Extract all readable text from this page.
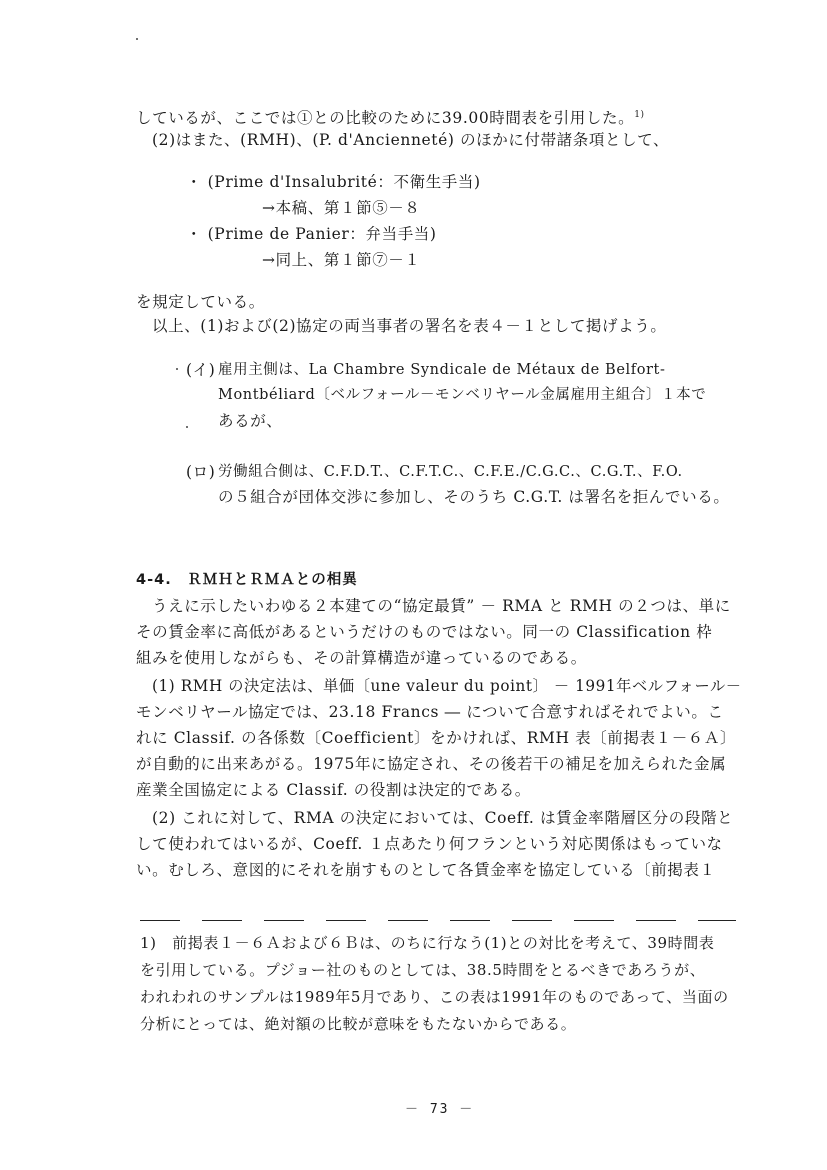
しているが、ここでは①との比較のために39.00時間表を引用した。$^{1)}$
(2)はまた、(RMH)、(P. d'Ancienneté) のほかに付帯諸条項として、
・ (Prime d'Insalubrité：不衛生手当)
→本稿、第１節⑤－８
・ (Prime de Panier：弁当手当)
→同上、第１節⑦－１
を規定している。
以上、(1)および(2)協定の両当事者の署名を表４－１として掲げよう。
(イ) 雇用主側は、La Chambre Syndicale de Métaux de Belfort-
Montbéliard〔ベルフォール－モンベリヤール金属雇用主組合〕１本で
あるが、
(ロ) 労働組合側は、C.F.D.T.、C.F.T.C.、C.F.E./C.G.C.、C.G.T.、F.O.
の５組合が団体交渉に参加し、そのうち C.G.T. は署名を拒んでいる。
4-4.　ＲＭＨとＲＭＡとの相異
うえに示したいわゆる２本建ての“協定最賃” － RMA と RMH の２つは、単に
その賃金率に高低があるというだけのものではない。同一の Classification 枠
組みを使用しながらも、その計算構造が違っているのである。
(1) RMH の決定法は、単価〔une valeur du point〕 － 1991年ベルフォール－
モンベリヤール協定では、23.18 Francs ― について合意すればそれでよい。こ
れに Classif. の各係数〔Coefficient〕をかければ、RMH 表〔前掲表１－６Ａ〕
が自動的に出来あがる。1975年に協定され、その後若干の補足を加えられた金属
産業全国協定による Classif. の役割は決定的である。
(2) これに対して、RMA の決定においては、Coeff. は賃金率階層区分の段階と
して使われてはいるが、Coeff. １点あたり何フランという対応関係はもっていな
い。むしろ、意図的にそれを崩すものとして各賃金率を協定している〔前掲表１
1)　前掲表１－６Ａおよび６Ｂは、のちに行なう(1)との対比を考えて、39時間表
を引用している。プジョー社のものとしては、38.5時間をとるべきであろうが、
われわれのサンプルは1989年5月であり、この表は1991年のものであって、当面の
分析にとっては、絶対額の比較が意味をもたないからである。
－ 73 －
